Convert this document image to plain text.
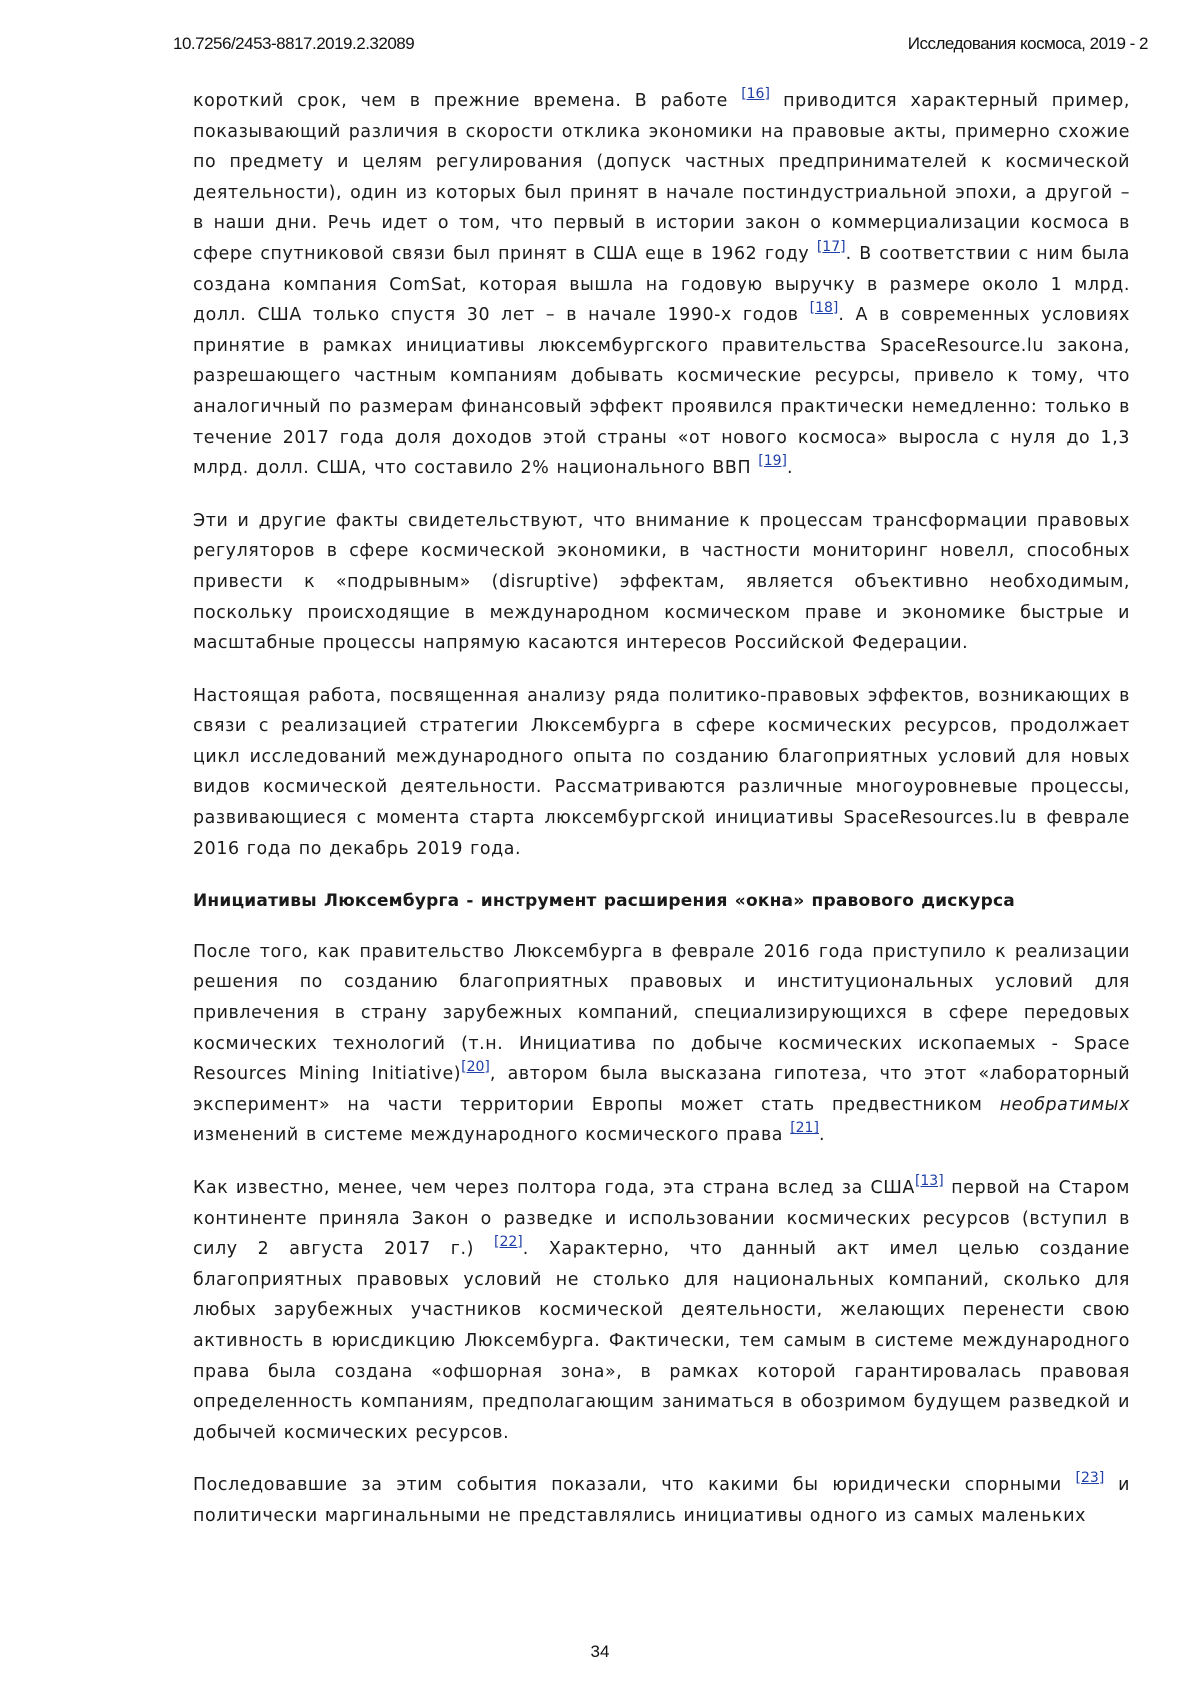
10.7256/2453-8817.2019.2.32089	Исследования космоса, 2019 - 2

короткий срок, чем в прежние времена. В работе [16] приводится характерный пример, показывающий различия в скорости отклика экономики на правовые акты, примерно схожие по предмету и целям регулирования (допуск частных предпринимателей к космической деятельности), один из которых был принят в начале постиндустриальной эпохи, а другой – в наши дни. Речь идет о том, что первый в истории закон о коммерциализации космоса в сфере спутниковой связи был принят в США еще в 1962 году [17]. В соответствии с ним была создана компания ComSat, которая вышла на годовую выручку в размере около 1 млрд. долл. США только спустя 30 лет – в начале 1990-х годов [18]. А в современных условиях принятие в рамках инициативы люксембургского правительства SpaceResource.lu закона, разрешающего частным компаниям добывать космические ресурсы, привело к тому, что аналогичный по размерам финансовый эффект проявился практически немедленно: только в течение 2017 года доля доходов этой страны «от нового космоса» выросла с нуля до 1,3 млрд. долл. США, что составило 2% национального ВВП [19].

Эти и другие факты свидетельствуют, что внимание к процессам трансформации правовых регуляторов в сфере космической экономики, в частности мониторинг новелл, способных привести к «подрывным» (disruptive) эффектам, является объективно необходимым, поскольку происходящие в международном космическом праве и экономике быстрые и масштабные процессы напрямую касаются интересов Российской Федерации.

Настоящая работа, посвященная анализу ряда политико-правовых эффектов, возникающих в связи с реализацией стратегии Люксембурга в сфере космических ресурсов, продолжает цикл исследований международного опыта по созданию благоприятных условий для новых видов космической деятельности. Рассматриваются различные многоуровневые процессы, развивающиеся с момента старта люксембургской инициативы SpaceResources.lu в феврале 2016 года по декабрь 2019 года.

Инициативы Люксембурга - инструмент расширения «окна» правового дискурса

После того, как правительство Люксембурга в феврале 2016 года приступило к реализации решения по созданию благоприятных правовых и институциональных условий для привлечения в страну зарубежных компаний, специализирующихся в сфере передовых космических технологий (т.н. Инициатива по добыче космических ископаемых - Space Resources Mining Initiative)[20], автором была высказана гипотеза, что этот «лабораторный эксперимент» на части территории Европы может стать предвестником необратимых изменений в системе международного космического права [21].

Как известно, менее, чем через полтора года, эта страна вслед за США[13] первой на Старом континенте приняла Закон о разведке и использовании космических ресурсов (вступил в силу 2 августа 2017 г.) [22]. Характерно, что данный акт имел целью создание благоприятных правовых условий не столько для национальных компаний, сколько для любых зарубежных участников космической деятельности, желающих перенести свою активность в юрисдикцию Люксембурга. Фактически, тем самым в системе международного права была создана «офшорная зона», в рамках которой гарантировалась правовая определенность компаниям, предполагающим заниматься в обозримом будущем разведкой и добычей космических ресурсов.

Последовавшие за этим события показали, что какими бы юридически спорными [23] и политически маргинальными не представлялись инициативы одного из самых маленьких

34
